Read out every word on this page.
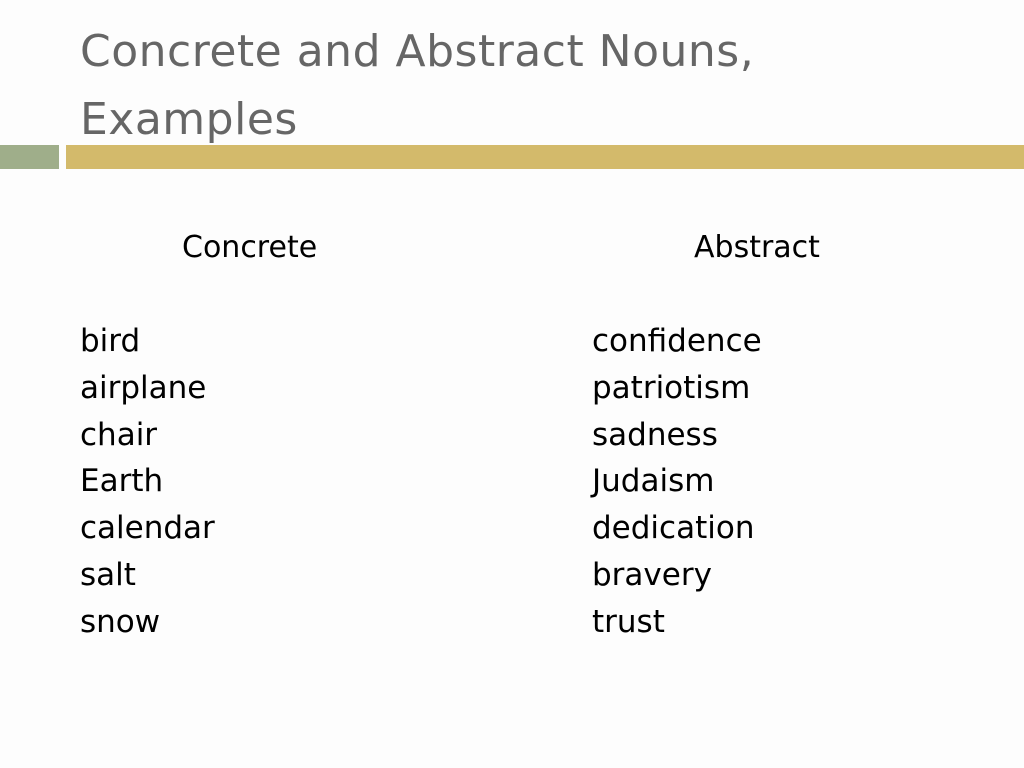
Concrete and Abstract Nouns,
Examples
Concrete	Abstract
bird
airplane
chair
Earth
calendar
salt
snow
confidence
patriotism
sadness
Judaism
dedication
bravery
trust
